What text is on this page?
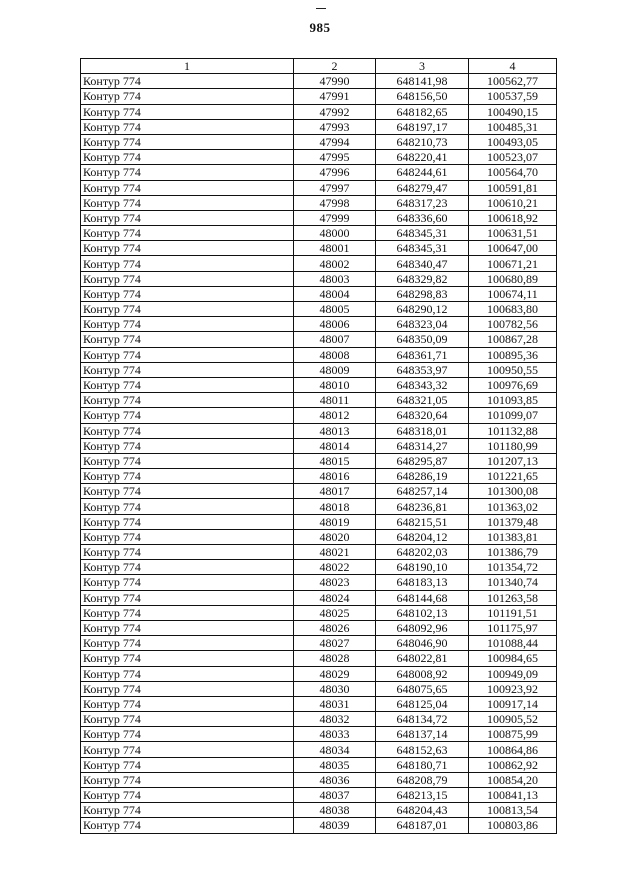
985
1	2	3	4
Контур 774	47990	648141,98	100562,77
Контур 774	47991	648156,50	100537,59
Контур 774	47992	648182,65	100490,15
Контур 774	47993	648197,17	100485,31
Контур 774	47994	648210,73	100493,05
Контур 774	47995	648220,41	100523,07
Контур 774	47996	648244,61	100564,70
Контур 774	47997	648279,47	100591,81
Контур 774	47998	648317,23	100610,21
Контур 774	47999	648336,60	100618,92
Контур 774	48000	648345,31	100631,51
Контур 774	48001	648345,31	100647,00
Контур 774	48002	648340,47	100671,21
Контур 774	48003	648329,82	100680,89
Контур 774	48004	648298,83	100674,11
Контур 774	48005	648290,12	100683,80
Контур 774	48006	648323,04	100782,56
Контур 774	48007	648350,09	100867,28
Контур 774	48008	648361,71	100895,36
Контур 774	48009	648353,97	100950,55
Контур 774	48010	648343,32	100976,69
Контур 774	48011	648321,05	101093,85
Контур 774	48012	648320,64	101099,07
Контур 774	48013	648318,01	101132,88
Контур 774	48014	648314,27	101180,99
Контур 774	48015	648295,87	101207,13
Контур 774	48016	648286,19	101221,65
Контур 774	48017	648257,14	101300,08
Контур 774	48018	648236,81	101363,02
Контур 774	48019	648215,51	101379,48
Контур 774	48020	648204,12	101383,81
Контур 774	48021	648202,03	101386,79
Контур 774	48022	648190,10	101354,72
Контур 774	48023	648183,13	101340,74
Контур 774	48024	648144,68	101263,58
Контур 774	48025	648102,13	101191,51
Контур 774	48026	648092,96	101175,97
Контур 774	48027	648046,90	101088,44
Контур 774	48028	648022,81	100984,65
Контур 774	48029	648008,92	100949,09
Контур 774	48030	648075,65	100923,92
Контур 774	48031	648125,04	100917,14
Контур 774	48032	648134,72	100905,52
Контур 774	48033	648137,14	100875,99
Контур 774	48034	648152,63	100864,86
Контур 774	48035	648180,71	100862,92
Контур 774	48036	648208,79	100854,20
Контур 774	48037	648213,15	100841,13
Контур 774	48038	648204,43	100813,54
Контур 774	48039	648187,01	100803,86
